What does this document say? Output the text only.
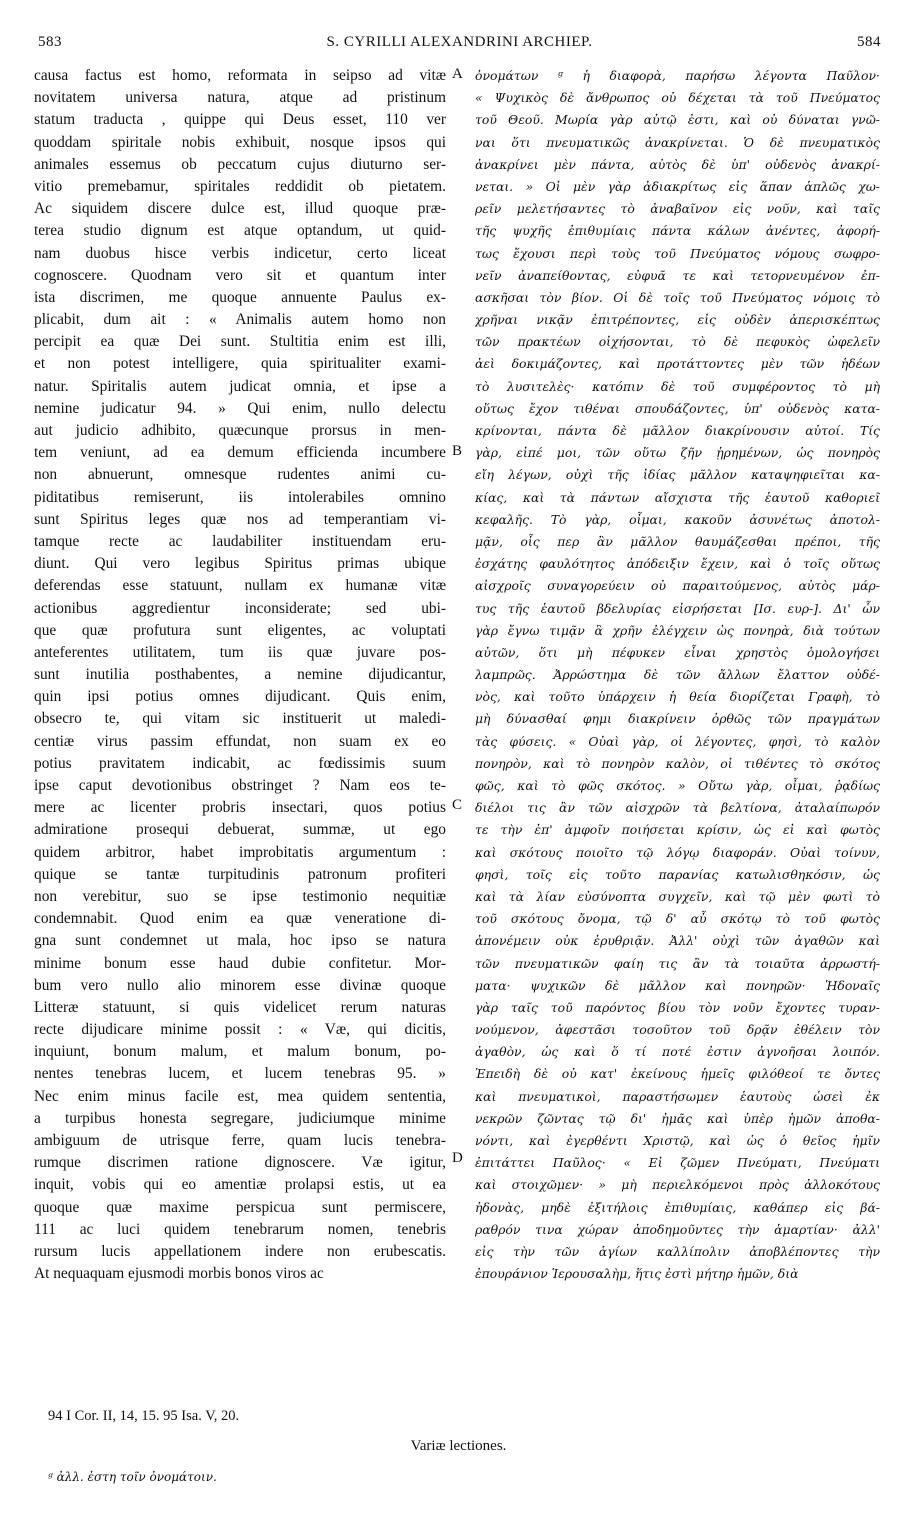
583	S. CYRILLI ALEXANDRINI ARCHIEP.	584
causa factus est homo, reformata in seipso ad vitæ
novitatem universa natura, atque ad pristinum
statum traducta , quippe qui Deus esset, 110 ver
quoddam spiritale nobis exhibuit, nosque ipsos qui
animales essemus ob peccatum cujus diuturno ser-
vitio premebamur, spiritales reddidit ob pietatem.
Ac siquidem discere dulce est, illud quoque præ-
terea studio dignum est atque optandum, ut quid-
nam duobus hisce verbis indicetur, certo liceat
cognoscere. Quodnam vero sit et quantum inter
ista discrimen, me quoque annuente Paulus ex-
plicabit, dum ait : « Animalis autem homo non
percipit ea quæ Dei sunt. Stultitia enim est illi,
et non potest intelligere, quia spiritualiter exami-
natur. Spiritalis autem judicat omnia, et ipse a
nemine judicatur 94. » Qui enim, nullo delectu
aut judicio adhibito, quæcunque prorsus in men-
tem veniunt, ad ea demum efficienda incumbere
non abnuerunt, omnesque rudentes animi cu-
piditatibus remiserunt, iis intolerabiles omnino
sunt Spiritus leges quæ nos ad temperantiam vi-
tamque recte ac laudabiliter instituendam eru-
diunt. Qui vero legibus Spiritus primas ubique
deferendas esse statuunt, nullam ex humanæ vitæ
actionibus aggredientur inconsiderate; sed ubi-
que quæ profutura sunt eligentes, ac voluptati
anteferentes utilitatem, tum iis quæ juvare pos-
sunt inutilia posthabentes, a nemine dijudicantur,
quin ipsi potius omnes dijudicant. Quis enim,
obsecro te, qui vitam sic instituerit ut maledi-
centiæ virus passim effundat, non suam ex eo
potius pravitatem indicabit, ac fœdissimis suum
ipse caput devotionibus obstringet ? Nam eos te-
mere ac licenter probris insectari, quos potius
admiratione prosequi debuerat, summæ, ut ego
quidem arbitror, habet improbitatis argumentum :
quique se tantæ turpitudinis patronum profiteri
non verebitur, suo se ipse testimonio nequitiæ
condemnabit. Quod enim ea quæ veneratione di-
gna sunt condemnet ut mala, hoc ipso se natura
minime bonum esse haud dubie confitetur. Mor-
bum vero nullo alio minorem esse divinæ quoque
Litteræ statuunt, si quis videlicet rerum naturas
recte dijudicare minime possit : « Væ, qui dicitis,
inquiunt, bonum malum, et malum bonum, po-
nentes tenebras lucem, et lucem tenebras 95. »
Nec enim minus facile est, mea quidem sententia,
a turpibus honesta segregare, judiciumque minime
ambiguum de utrisque ferre, quam lucis tenebra-
rumque discrimen ratione dignoscere. Væ igitur,
inquit, vobis qui eo amentiæ prolapsi estis, ut ea
quoque quæ maxime perspicua sunt permiscere,
111 ac luci quidem tenebrarum nomen, tenebris
rursum lucis appellationem indere non erubescatis.
At nequaquam ejusmodi morbis bonos viros ac
A
B
C
D
ὀνομάτων ᵍ ἡ διαφορὰ, παρήσω λέγοντα Παῦλον·
« Ψυχικὸς δὲ ἄνθρωπος οὐ δέχεται τὰ τοῦ Πνεύματος
τοῦ Θεοῦ. Μωρία γὰρ αὐτῷ ἐστι, καὶ οὐ δύναται γνῶ-
ναι ὅτι πνευματικῶς ἀνακρίνεται. Ὁ δὲ πνευματικὸς
ἀνακρίνει μὲν πάντα, αὐτὸς δὲ ὑπ' οὐδενὸς ἀνακρί-
νεται. » Οἱ μὲν γὰρ ἀδιακρίτως εἰς ἅπαν ἁπλῶς χω-
ρεῖν μελετήσαντες τὸ ἀναβαῖνον εἰς νοῦν, καὶ ταῖς
τῆς ψυχῆς ἐπιθυμίαις πάντα κάλων ἀνέντες, ἀφορή-
τως ἔχουσι περὶ τοὺς τοῦ Πνεύματος νόμους σωφρο-
νεῖν ἀναπείθοντας, εὐφυᾶ τε καὶ τετορνευμένον ἐπ-
ασκῆσαι τὸν βίον. Οἱ δὲ τοῖς τοῦ Πνεύματος νόμοις τὸ
χρῆναι νικᾷν ἐπιτρέποντες, εἰς οὐδὲν ἀπερισκέπτως
τῶν πρακτέων οἰχήσονται, τὸ δὲ πεφυκὸς ὠφελεῖν
ἀεὶ δοκιμάζοντες, καὶ προτάττοντες μὲν τῶν ἡδέων
τὸ λυσιτελὲς· κατόπιν δὲ τοῦ συμφέροντος τὸ μὴ
οὕτως ἔχον τιθέναι σπουδάζοντες, ὑπ' οὐδενὸς κατα-
κρίνονται, πάντα δὲ μᾶλλον διακρίνουσιν αὐτοί. Τίς
γὰρ, εἰπέ μοι, τῶν οὕτω ζῆν ᾑρημένων, ὡς πονηρὸς
εἴη λέγων, οὐχὶ τῆς ἰδίας μᾶλλον καταψηφιεῖται κα-
κίας, καὶ τὰ πάντων αἴσχιστα τῆς ἑαυτοῦ καθοριεῖ
κεφαλῆς. Τὸ γὰρ, οἶμαι, κακοῦν ἀσυνέτως ἀποτολ-
μᾷν, οἷς περ ἂν μᾶλλον θαυμάζεσθαι πρέποι, τῆς
ἐσχάτης φαυλότητος ἀπόδειξιν ἔχειν, καὶ ὁ τοῖς οὕτως
αἰσχροῖς συναγορεύειν οὐ παραιτούμενος, αὐτὸς μάρ-
τυς τῆς ἑαυτοῦ βδελυρίας εἰσρήσεται [Ισ. ευρ-]. Δι' ὧν
γὰρ ἔγνω τιμᾷν ἃ χρῆν ἐλέγχειν ὡς πονηρὰ, διὰ τούτων
αὐτῶν, ὅτι μὴ πέφυκεν εἶναι χρηστὸς ὁμολογήσει
λαμπρῶς. Ἀρρώστημα δὲ τῶν ἄλλων ἔλαττον οὐδέ-
νὸς, καὶ τοῦτο ὑπάρχειν ἡ θεία διορίζεται Γραφὴ, τὸ
μὴ δύνασθαί φημι διακρίνειν ὀρθῶς τῶν πραγμάτων
τὰς φύσεις. « Οὐαὶ γὰρ, οἱ λέγοντες, φησὶ, τὸ καλὸν
πονηρὸν, καὶ τὸ πονηρὸν καλὸν, οἱ τιθέντες τὸ σκότος
φῶς, καὶ τὸ φῶς σκότος. » Οὔτω γὰρ, οἶμαι, ῥᾳδίως
διέλοι τις ἂν τῶν αἰσχρῶν τὰ βελτίονα, ἀταλαίπωρόν
τε τὴν ἐπ' ἀμφοῖν ποιήσεται κρίσιν, ὡς εἰ καὶ φωτὸς
καὶ σκότους ποιοῖτο τῷ λόγῳ διαφοράν. Οὐαὶ τοίνυν,
φησὶ, τοῖς εἰς τοῦτο παρανίας κατωλισθηκόσιν, ὡς
καὶ τὰ λίαν εὐσύνοπτα συγχεῖν, καὶ τῷ μὲν φωτὶ τὸ
τοῦ σκότους ὄνομα, τῷ δ' αὖ σκότῳ τὸ τοῦ φωτὸς
ἀπονέμειν οὐκ ἐρυθριᾷν. Ἀλλ' οὐχὶ τῶν ἀγαθῶν καὶ
τῶν πνευματικῶν φαίη τις ἂν τὰ τοιαῦτα ἀρρωστή-
ματα· ψυχικῶν δὲ μᾶλλον καὶ πονηρῶν· Ἡδοναῖς
γὰρ ταῖς τοῦ παρόντος βίου τὸν νοῦν ἔχοντες τυραν-
νούμενον, ἀφεστᾶσι τοσοῦτον τοῦ δρᾷν ἐθέλειν τὸν
ἀγαθὸν, ὡς καὶ ὅ τί ποτέ ἐστιν ἀγνοῆσαι λοιπόν.
Ἐπειδὴ δὲ οὐ κατ' ἐκείνους ἡμεῖς φιλόθεοί τε ὄντες
καὶ πνευματικοὶ, παραστήσωμεν ἑαυτοὺς ὡσεὶ ἐκ
νεκρῶν ζῶντας τῷ δι' ἡμᾶς καὶ ὑπὲρ ἡμῶν ἀποθα-
νόντι, καὶ ἐγερθέντι Χριστῷ, καὶ ὡς ὁ θεῖος ἡμῖν
ἐπιτάττει Παῦλος· « Εἰ ζῶμεν Πνεύματι, Πνεύματι
καὶ στοιχῶμεν· » μὴ περιελκόμενοι πρὸς ἀλλοκότους
ἡδονὰς, μηδὲ ἐξιτήλοις ἐπιθυμίαις, καθάπερ εἰς βά-
ραθρόν τινα χώραν ἀποδημοῦντες τὴν ἁμαρτίαν· ἀλλ'
εἰς τὴν τῶν ἁγίων καλλίπολιν ἀποβλέποντες τὴν
ἐπουράνιον Ἱερουσαλὴμ, ἥτις ἐστὶ μήτηρ ἡμῶν, διὰ
94 I Cor. II, 14, 15. 95 Isa. V, 20.
Variæ lectiones.
ᵍ ἀλλ. ἐστη τοῖν ὀνομάτοιν.
